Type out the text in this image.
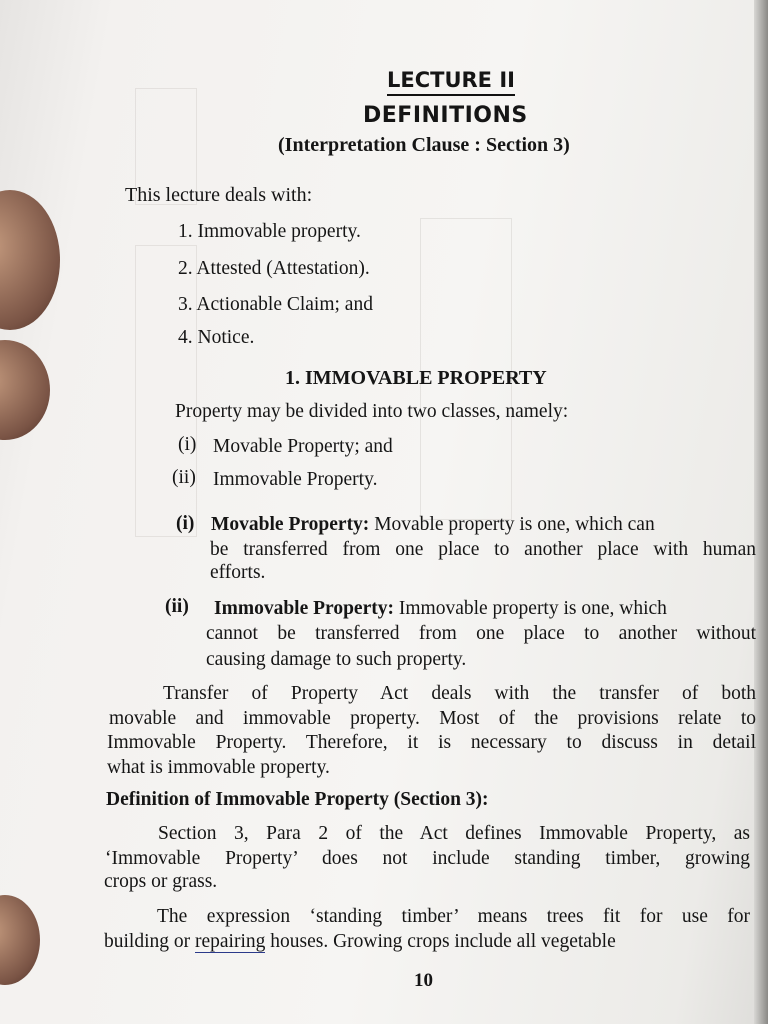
LECTURE II
DEFINITIONS
(Interpretation Clause : Section 3)
This lecture deals with:
1. Immovable property.
2. Attested (Attestation).
3. Actionable Claim; and
4. Notice.
1. IMMOVABLE PROPERTY
Property may be divided into two classes, namely:
(i) Movable Property; and
(ii) Immovable Property.
(i) Movable Property: Movable property is one, which can
be transferred from one place to another place with human
efforts.
(ii) Immovable Property: Immovable property is one, which
cannot be transferred from one place to another without
causing damage to such property.
Transfer of Property Act deals with the transfer of both
movable and immovable property. Most of the provisions relate to
Immovable Property. Therefore, it is necessary to discuss in detail
what is immovable property.
Definition of Immovable Property (Section 3):
Section 3, Para 2 of the Act defines Immovable Property, as
‘Immovable Property’ does not include standing timber, growing
crops or grass.
The expression ‘standing timber’ means trees fit for use for
building or repairing houses. Growing crops include all vegetable
10
